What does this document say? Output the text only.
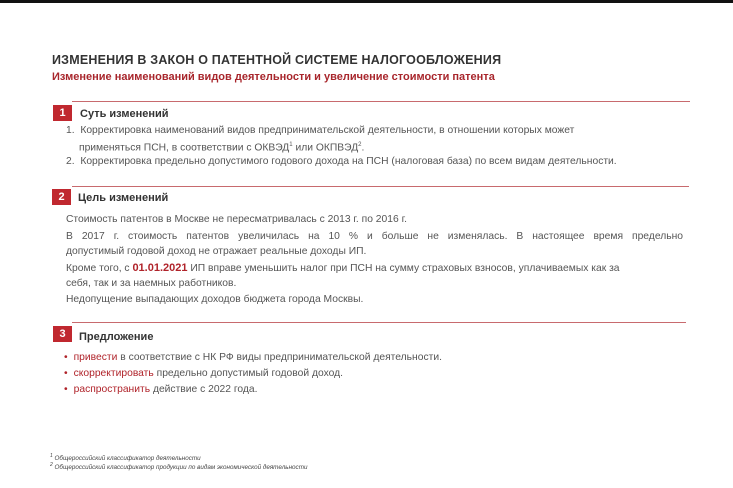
ИЗМЕНЕНИЯ В ЗАКОН О ПАТЕНТНОЙ СИСТЕМЕ НАЛОГООБЛОЖЕНИЯ
Изменение наименований видов деятельности и увеличение стоимости патента
1	Суть изменений
1. Корректировка наименований видов предпринимательской деятельности, в отношении которых может
применяться ПСН, в соответствии с ОКВЭД$^1$ или ОКПВЭД$^2$.
2. Корректировка предельно допустимого годового дохода на ПСН (налоговая база) по всем видам деятельности.
2	Цель изменений
Стоимость патентов в Москве не пересматривалась с 2013 г. по 2016 г.
В 2017 г. стоимость патентов увеличилась на 10 % и больше не изменялась. В настоящее время предельно
допустимый годовой доход не отражает реальные доходы ИП.
Кроме того, с 01.01.2021 ИП вправе уменьшить налог при ПСН на сумму страховых взносов, уплачиваемых как за
себя, так и за наемных работников.
Недопущение выпадающих доходов бюджета города Москвы.
3	Предложение
• привести в соответствие с НК РФ виды предпринимательской деятельности.
• скорректировать предельно допустимый годовой доход.
• распространить действие с 2022 года.
$^1$ Общероссийский классификатор деятельности
$^2$ Общероссийский классификатор продукции по видам экономической деятельности
